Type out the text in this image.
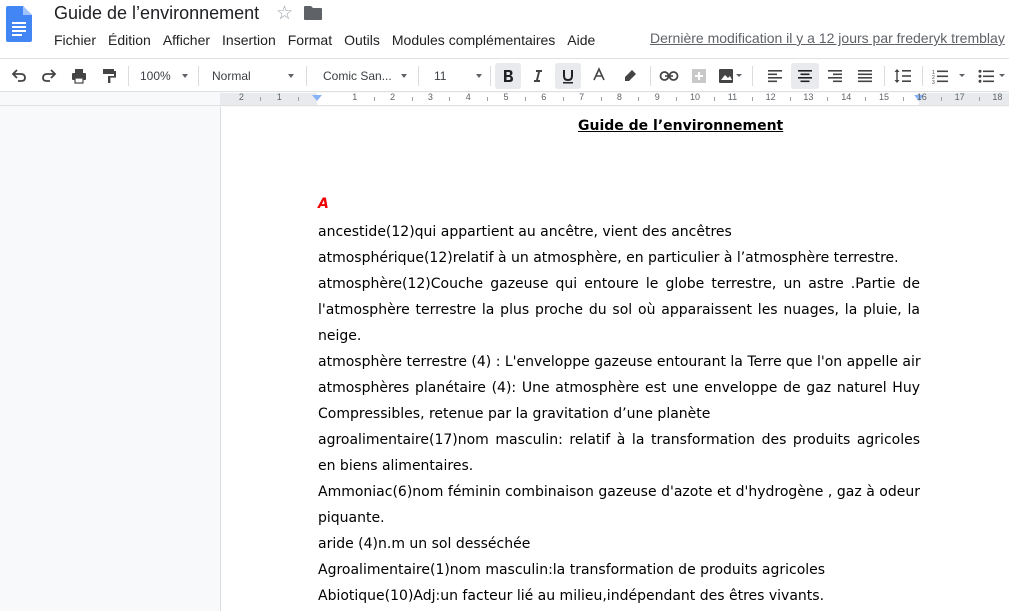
Guide de l’environnement ☆
Fichier Édition Afficher Insertion Format Outils Modules complémentaires Aide	Dernière modification il y a 12 jours par frederyk tremblay
100%	Normal	Comic San...	11	1
2
3
2	1	1	2	3	4	5	6	7	8	9	10	11	12	13	14	15	16	17	18
Guide de l’environnement
A
ancestide(12)qui appartient au ancêtre, vient des ancêtres
atmosphérique(12)relatif à un atmosphère, en particulier à l’atmosphère terrestre.
atmosphère(12)Couche gazeuse qui entoure le globe terrestre, un astre .Partie de l'atmosphère terrestre la plus proche du sol où apparaissent les nuages, la pluie, la neige.
atmosphère terrestre (4) : L'enveloppe gazeuse entourant la Terre que l'on appelle air
atmosphères planétaire (4): Une atmosphère est une enveloppe de gaz naturel Huy Compressibles, retenue par la gravitation d’une planète
agroalimentaire(17)nom masculin: relatif à la transformation des produits agricoles en biens alimentaires.
Ammoniac(6)nom féminin combinaison gazeuse d'azote et d'hydrogène , gaz à odeur piquante.
aride (4)n.m un sol desséchée
Agroalimentaire(1)nom masculin:la transformation de produits agricoles
Abiotique(10)Adj:un facteur lié au milieu,indépendant des êtres vivants.
